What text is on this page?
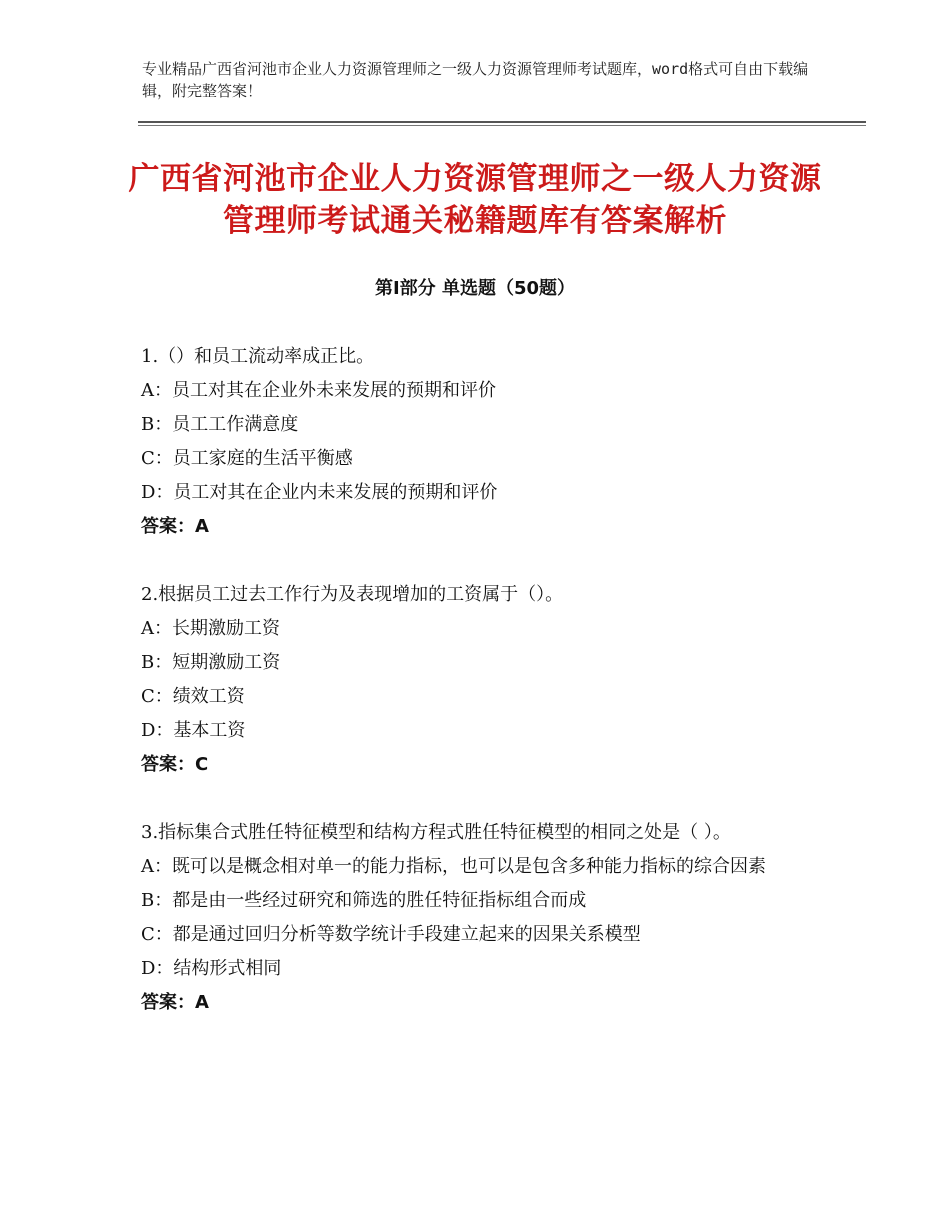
专业精品广西省河池市企业人力资源管理师之一级人力资源管理师考试题库，word格式可自由下载编辑，附完整答案！
广西省河池市企业人力资源管理师之一级人力资源管理师考试通关秘籍题库有答案解析
第Ⅰ部分 单选题（50题）
1.（）和员工流动率成正比。
A：员工对其在企业外未来发展的预期和评价
B：员工工作满意度
C：员工家庭的生活平衡感
D：员工对其在企业内未来发展的预期和评价
答案：A
2.根据员工过去工作行为及表现增加的工资属于（）。
A：长期激励工资
B：短期激励工资
C：绩效工资
D：基本工资
答案：C
3.指标集合式胜任特征模型和结构方程式胜任特征模型的相同之处是（ ）。
A：既可以是概念相对单一的能力指标，也可以是包含多种能力指标的综合因素
B：都是由一些经过研究和筛选的胜任特征指标组合而成
C：都是通过回归分析等数学统计手段建立起来的因果关系模型
D：结构形式相同
答案：A
